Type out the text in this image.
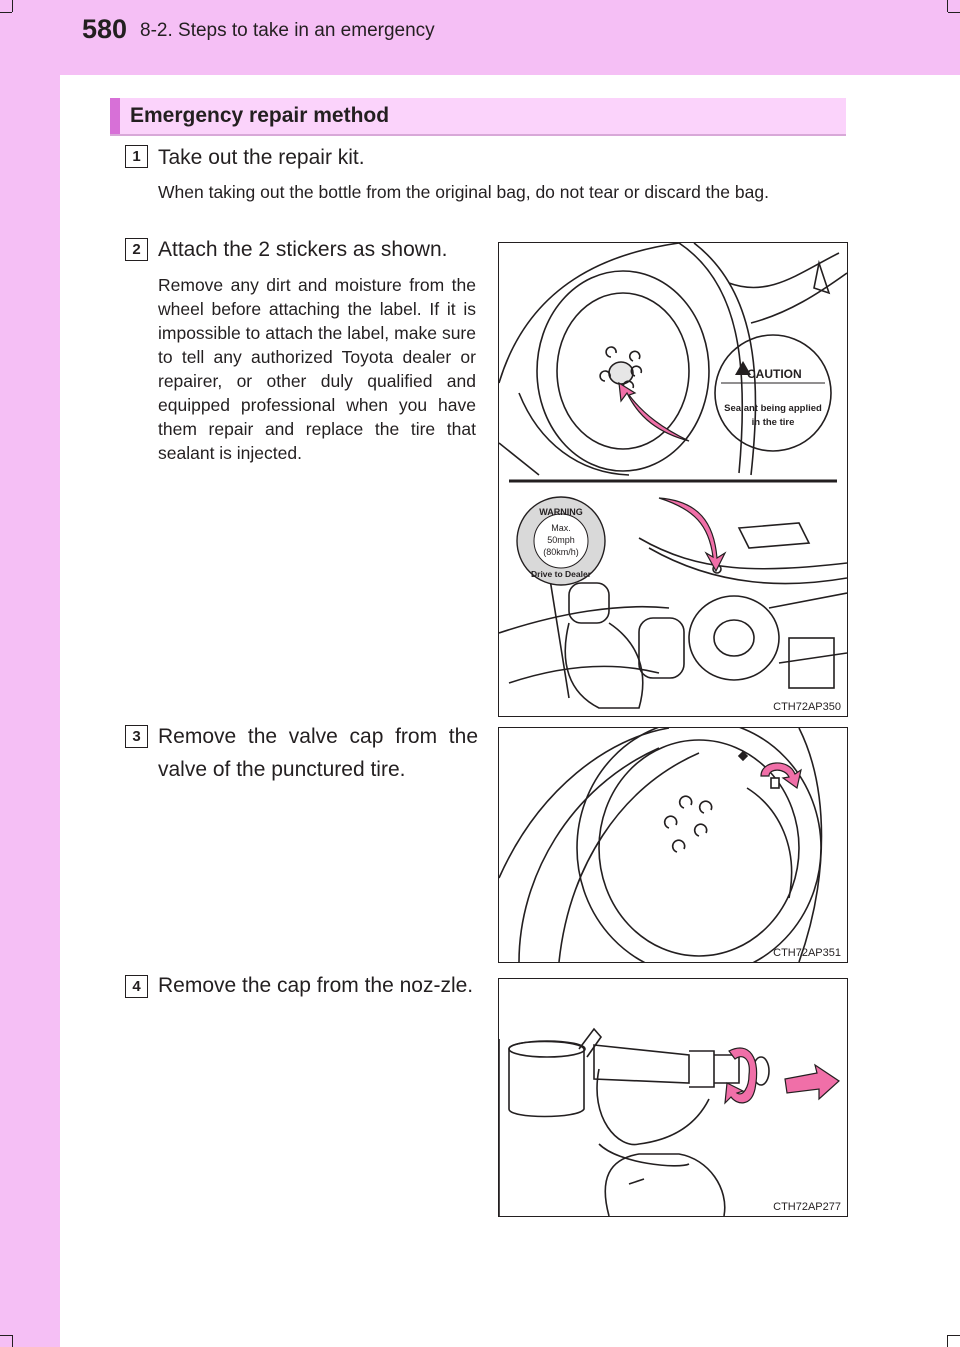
580 8-2. Steps to take in an emergency
Emergency repair method
1 Take out the repair kit.
When taking out the bottle from the original bag, do not tear or discard the bag.
2 Attach the 2 stickers as shown.
Remove any dirt and moisture from the wheel before attaching the label. If it is impossible to attach the label, make sure to tell any authorized Toyota dealer or repairer, or other duly qualified and equipped professional when you have them repair and replace the tire that sealant is injected.
CAUTION
Sealant being applied
in the tire
WARNING
Max.
50mph
(80km/h)
Drive to Dealer
CTH72AP350
3 Remove the valve cap from the valve of the punctured tire.
CTH72AP351
4 Remove the cap from the noz-zle.
CTH72AP277
